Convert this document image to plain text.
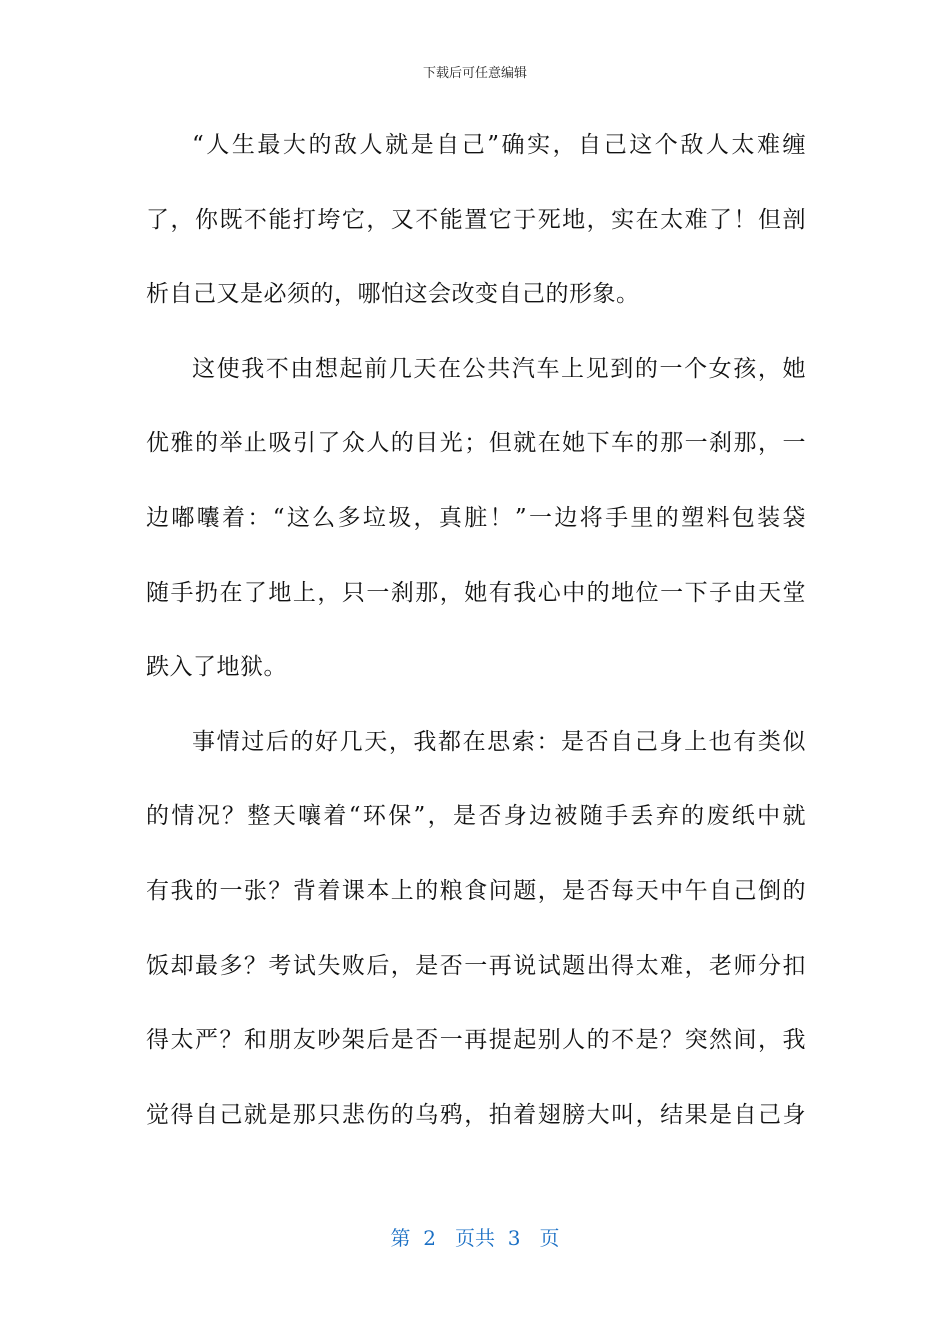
下载后可任意编辑
“人生最大的敌人就是自己”确实，自己这个敌人太难缠
了，你既不能打垮它，又不能置它于死地，实在太难了！但剖
析自己又是必须的，哪怕这会改变自己的形象。
这使我不由想起前几天在公共汽车上见到的一个女孩，她
优雅的举止吸引了众人的目光；但就在她下车的那一刹那，一
边嘟囔着：“这么多垃圾，真脏！”一边将手里的塑料包装袋
随手扔在了地上，只一刹那，她有我心中的地位一下子由天堂
跌入了地狱。
事情过后的好几天，我都在思索：是否自己身上也有类似
的情况？整天嚷着“环保”，是否身边被随手丢弃的废纸中就
有我的一张？背着课本上的粮食问题，是否每天中午自己倒的
饭却最多？考试失败后，是否一再说试题出得太难，老师分扣
得太严？和朋友吵架后是否一再提起别人的不是？突然间，我
觉得自己就是那只悲伤的乌鸦，拍着翅膀大叫，结果是自己身
第 2 页共 3 页
